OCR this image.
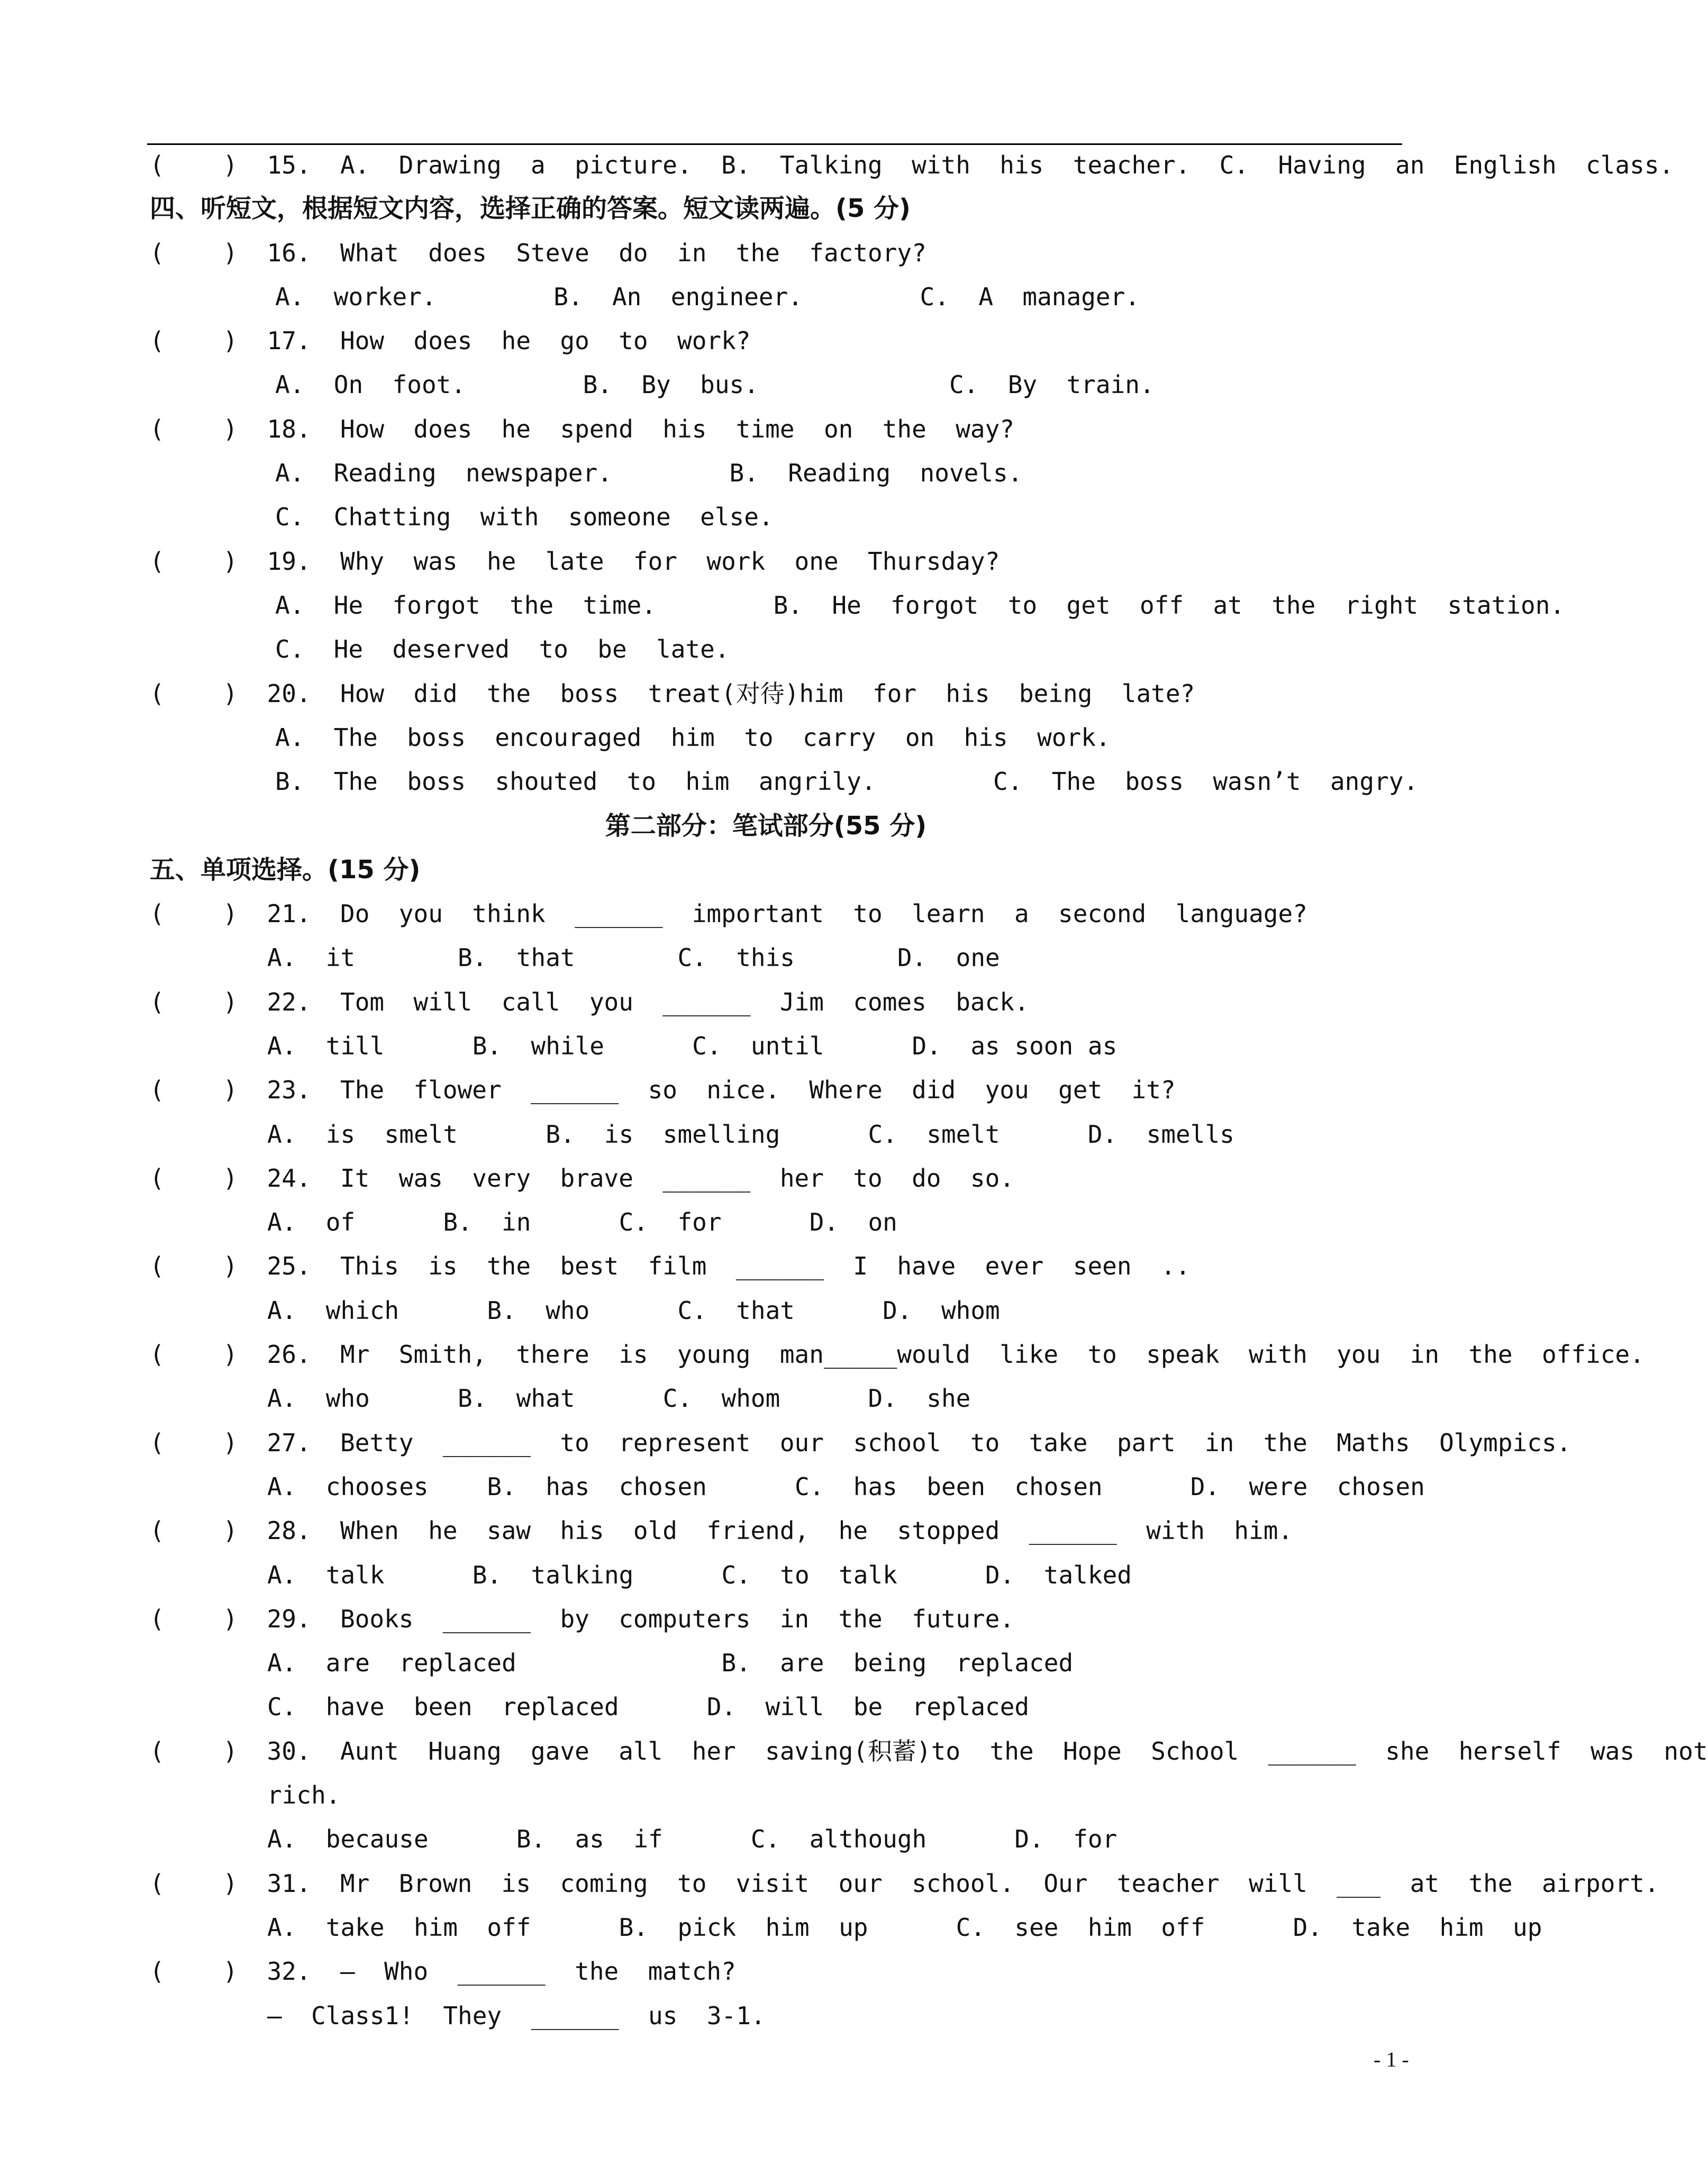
(    )  15.  A.  Drawing  a  picture.  B.  Talking  with  his  teacher.  C.  Having  an  English  class.
四、听短文，根据短文内容，选择正确的答案。短文读两遍。(5 分)
(    )  16.  What  does  Steve  do  in  the  factory?
A.  worker.        B.  An  engineer.        C.  A  manager.
(    )  17.  How  does  he  go  to  work?
A.  On  foot.        B.  By  bus.             C.  By  train.
(    )  18.  How  does  he  spend  his  time  on  the  way?
A.  Reading  newspaper.        B.  Reading  novels.
C.  Chatting  with  someone  else.
(    )  19.  Why  was  he  late  for  work  one  Thursday?
A.  He  forgot  the  time.        B.  He  forgot  to  get  off  at  the  right  station.
C.  He  deserved  to  be  late.
(    )  20.  How  did  the  boss  treat(对待)him  for  his  being  late?
A.  The  boss  encouraged  him  to  carry  on  his  work.
B.  The  boss  shouted  to  him  angrily.        C.  The  boss  wasn’t  angry.
第二部分：笔试部分(55 分)
五、单项选择。(15 分)
(    )  21.  Do  you  think  ______  important  to  learn  a  second  language?
A.  it       B.  that       C.  this       D.  one
(    )  22.  Tom  will  call  you  ______  Jim  comes  back.
A.  till      B.  while      C.  until      D.  as soon as
(    )  23.  The  flower  ______  so  nice.  Where  did  you  get  it?
A.  is  smelt      B.  is  smelling      C.  smelt      D.  smells
(    )  24.  It  was  very  brave  ______  her  to  do  so.
A.  of      B.  in      C.  for      D.  on
(    )  25.  This  is  the  best  film  ______  I  have  ever  seen  ..
A.  which      B.  who      C.  that      D.  whom
(    )  26.  Mr  Smith,  there  is  young  man_____would  like  to  speak  with  you  in  the  office.
A.  who      B.  what      C.  whom      D.  she
(    )  27.  Betty  ______  to  represent  our  school  to  take  part  in  the  Maths  Olympics.
A.  chooses    B.  has  chosen      C.  has  been  chosen      D.  were  chosen
(    )  28.  When  he  saw  his  old  friend,  he  stopped  ______  with  him.
A.  talk      B.  talking      C.  to  talk      D.  talked
(    )  29.  Books  ______  by  computers  in  the  future.
A.  are  replaced              B.  are  being  replaced
C.  have  been  replaced      D.  will  be  replaced
(    )  30.  Aunt  Huang  gave  all  her  saving(积蓄)to  the  Hope  School  ______  she  herself  was  not
rich.
A.  because      B.  as  if      C.  although      D.  for
(    )  31.  Mr  Brown  is  coming  to  visit  our  school.  Our  teacher  will  ___  at  the  airport.
A.  take  him  off      B.  pick  him  up      C.  see  him  off      D.  take  him  up
(    )  32.  —  Who  ______  the  match?
—  Class1!  They  ______  us  3-1.
- 1 -
